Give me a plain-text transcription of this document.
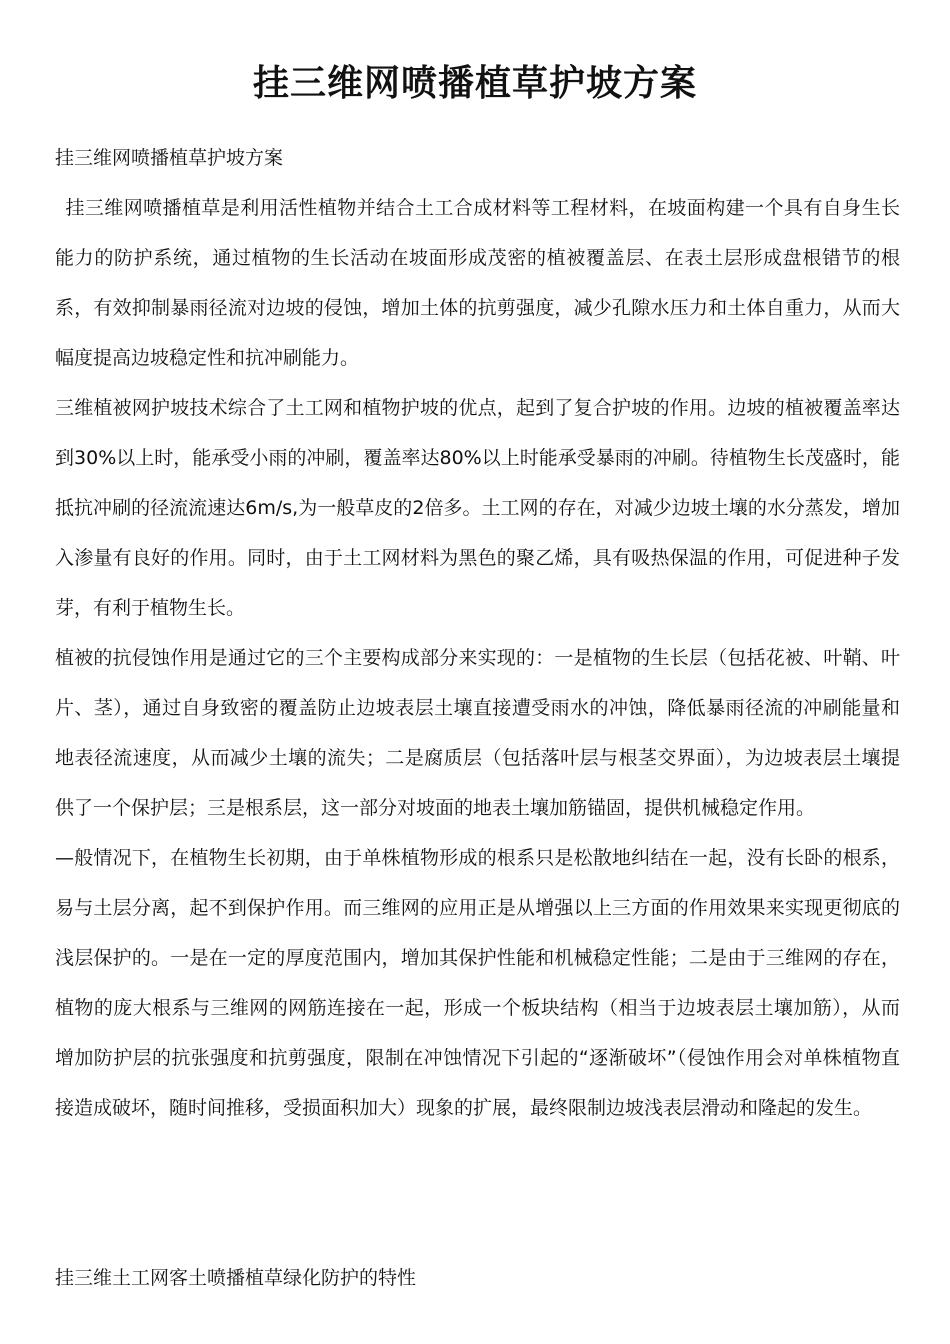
挂三维网喷播植草护坡方案

挂三维网喷播植草护坡方案

挂三维网喷播植草是利用活性植物并结合土工合成材料等工程材料，在坡面构建一个具有自身生长能力的防护系统，通过植物的生长活动在坡面形成茂密的植被覆盖层、在表土层形成盘根错节的根系，有效抑制暴雨径流对边坡的侵蚀，增加土体的抗剪强度，减少孔隙水压力和土体自重力，从而大幅度提高边坡稳定性和抗冲刷能力。

三维植被网护坡技术综合了土工网和植物护坡的优点，起到了复合护坡的作用。边坡的植被覆盖率达到30%以上时，能承受小雨的冲刷，覆盖率达80%以上时能承受暴雨的冲刷。待植物生长茂盛时，能抵抗冲刷的径流流速达6m/s,为一般草皮的2倍多。土工网的存在，对减少边坡土壤的水分蒸发，增加入渗量有良好的作用。同时，由于土工网材料为黑色的聚乙烯，具有吸热保温的作用，可促进种子发芽，有利于植物生长。

植被的抗侵蚀作用是通过它的三个主要构成部分来实现的：一是植物的生长层（包括花被、叶鞘、叶片、茎），通过自身致密的覆盖防止边坡表层土壤直接遭受雨水的冲蚀，降低暴雨径流的冲刷能量和地表径流速度，从而减少土壤的流失；二是腐质层（包括落叶层与根茎交界面），为边坡表层土壤提供了一个保护层；三是根系层，这一部分对坡面的地表土壤加筋锚固，提供机械稳定作用。

—般情况下，在植物生长初期，由于单株植物形成的根系只是松散地纠结在一起，没有长卧的根系，易与土层分离，起不到保护作用。而三维网的应用正是从增强以上三方面的作用效果来实现更彻底的浅层保护的。一是在一定的厚度范围内，增加其保护性能和机械稳定性能；二是由于三维网的存在，植物的庞大根系与三维网的网筋连接在一起，形成一个板块结构（相当于边坡表层土壤加筋），从而增加防护层的抗张强度和抗剪强度，限制在冲蚀情况下引起的“逐渐破坏”（侵蚀作用会对单株植物直接造成破坏，随时间推移，受损面积加大）现象的扩展，最终限制边坡浅表层滑动和隆起的发生。

挂三维土工网客土喷播植草绿化防护的特性
